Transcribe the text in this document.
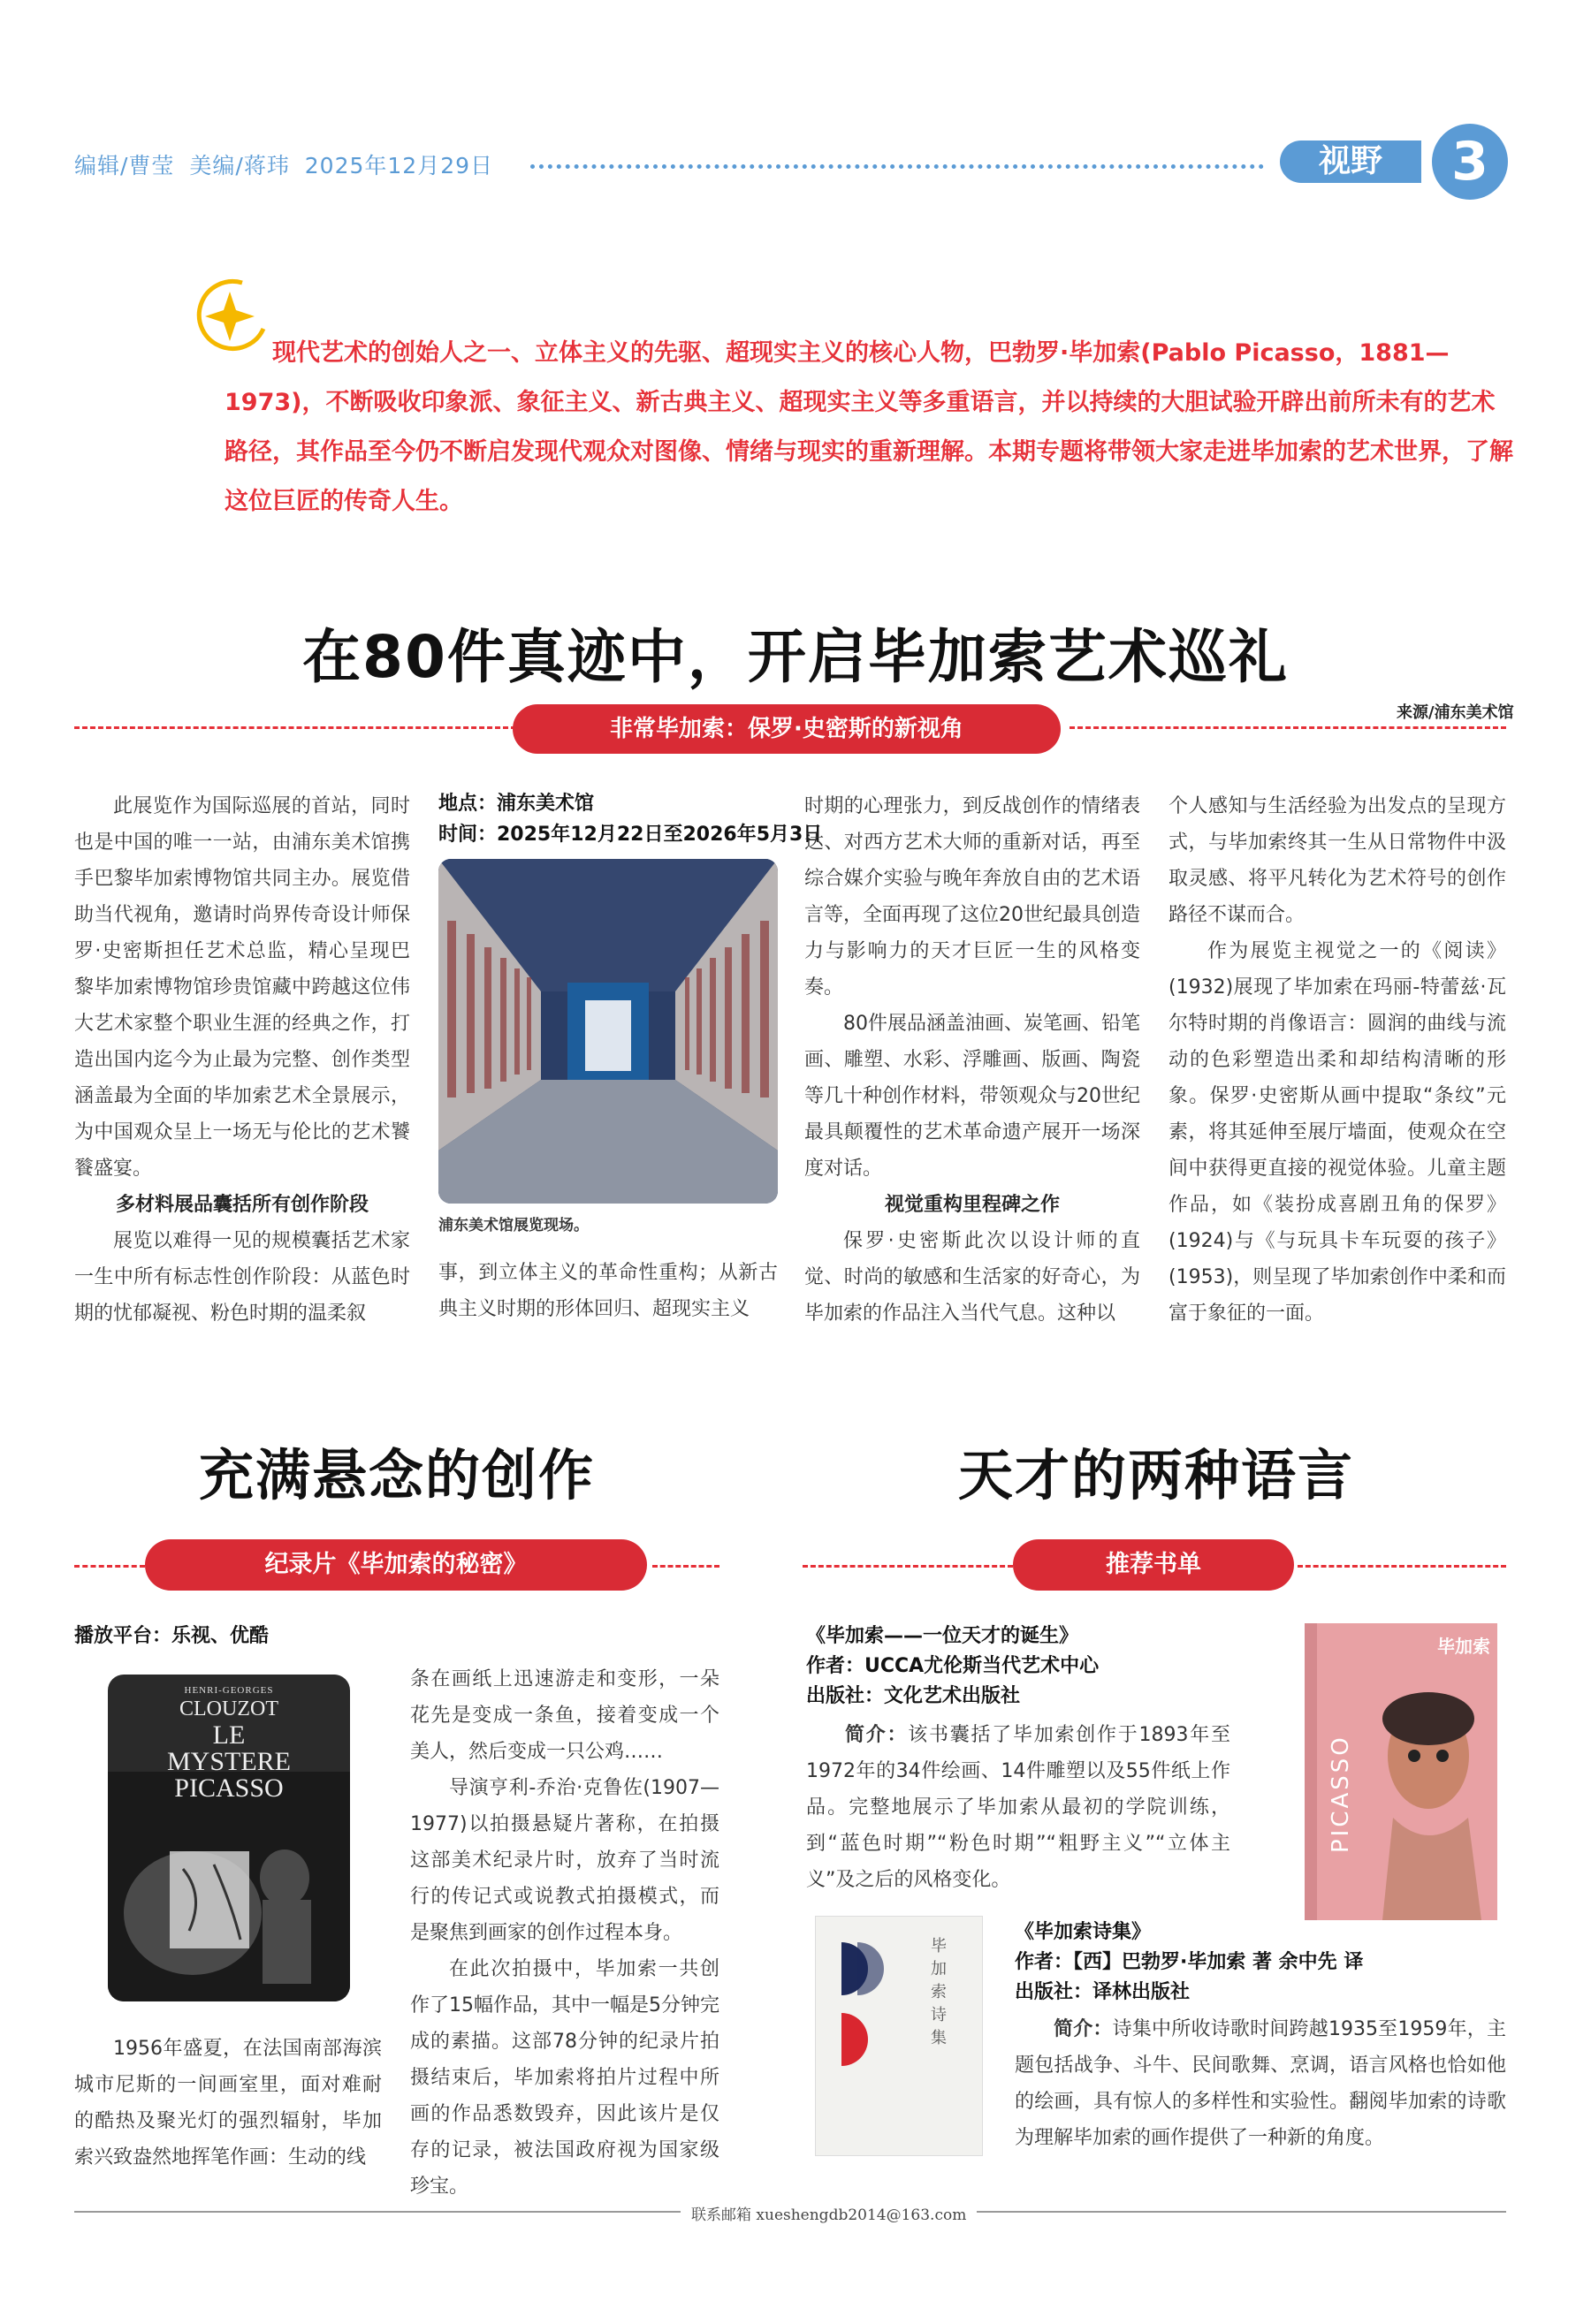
编辑/曹莹 美编/蒋玮 2025年12月29日	视野	3

现代艺术的创始人之一、立体主义的先驱、超现实主义的核心人物，巴勃罗·毕加索(Pablo Picasso，1881—1973)，不断吸收印象派、象征主义、新古典主义、超现实主义等多重语言，并以持续的大胆试验开辟出前所未有的艺术路径，其作品至今仍不断启发现代观众对图像、情绪与现实的重新理解。本期专题将带领大家走进毕加索的艺术世界，了解这位巨匠的传奇人生。

在80件真迹中，开启毕加索艺术巡礼
非常毕加索：保罗·史密斯的新视角
来源/浦东美术馆

此展览作为国际巡展的首站，同时也是中国的唯一一站，由浦东美术馆携手巴黎毕加索博物馆共同主办。展览借助当代视角，邀请时尚界传奇设计师保罗·史密斯担任艺术总监，精心呈现巴黎毕加索博物馆珍贵馆藏中跨越这位伟大艺术家整个职业生涯的经典之作，打造出国内迄今为止最为完整、创作类型涵盖最为全面的毕加索艺术全景展示，为中国观众呈上一场无与伦比的艺术饕餮盛宴。

多材料展品囊括所有创作阶段

展览以难得一见的规模囊括艺术家一生中所有标志性创作阶段：从蓝色时期的忧郁凝视、粉色时期的温柔叙

地点：浦东美术馆
时间：2025年12月22日至2026年5月3日
浦东美术馆展览现场。

事，到立体主义的革命性重构；从新古典主义时期的形体回归、超现实主义

时期的心理张力，到反战创作的情绪表达、对西方艺术大师的重新对话，再至综合媒介实验与晚年奔放自由的艺术语言等，全面再现了这位20世纪最具创造力与影响力的天才巨匠一生的风格变奏。

80件展品涵盖油画、炭笔画、铅笔画、雕塑、水彩、浮雕画、版画、陶瓷等几十种创作材料，带领观众与20世纪最具颠覆性的艺术革命遗产展开一场深度对话。

视觉重构里程碑之作

保罗·史密斯此次以设计师的直觉、时尚的敏感和生活家的好奇心，为毕加索的作品注入当代气息。这种以

个人感知与生活经验为出发点的呈现方式，与毕加索终其一生从日常物件中汲取灵感、将平凡转化为艺术符号的创作路径不谋而合。

作为展览主视觉之一的《阅读》(1932)展现了毕加索在玛丽-特蕾兹·瓦尔特时期的肖像语言：圆润的曲线与流动的色彩塑造出柔和却结构清晰的形象。保罗·史密斯从画中提取“条纹”元素，将其延伸至展厅墙面，使观众在空间中获得更直接的视觉体验。儿童主题作品，如《装扮成喜剧丑角的保罗》(1924)与《与玩具卡车玩耍的孩子》(1953)，则呈现了毕加索创作中柔和而富于象征的一面。

充满悬念的创作
纪录片《毕加索的秘密》
播放平台：乐视、优酷
HENRI-GEORGES
CLOUZOT
LE
MYSTERE
PICASSO

1956年盛夏，在法国南部海滨城市尼斯的一间画室里，面对难耐的酷热及聚光灯的强烈辐射，毕加索兴致盎然地挥笔作画：生动的线

条在画纸上迅速游走和变形，一朵花先是变成一条鱼，接着变成一个美人，然后变成一只公鸡……

导演亨利-乔治·克鲁佐(1907—1977)以拍摄悬疑片著称，在拍摄这部美术纪录片时，放弃了当时流行的传记式或说教式拍摄模式，而是聚焦到画家的创作过程本身。

在此次拍摄中，毕加索一共创作了15幅作品，其中一幅是5分钟完成的素描。这部78分钟的纪录片拍摄结束后，毕加索将拍片过程中所画的作品悉数毁弃，因此该片是仅存的记录，被法国政府视为国家级珍宝。

天才的两种语言
推荐书单
《毕加索——一位天才的诞生》
作者：UCCA尤伦斯当代艺术中心
出版社：文化艺术出版社

简介：该书囊括了毕加索创作于1893年至1972年的34件绘画、14件雕塑以及55件纸上作品。完整地展示了毕加索从最初的学院训练，到“蓝色时期”“粉色时期”“粗野主义”“立体主义”及之后的风格变化。

毕加索
PICASSO
毕加索诗集
《毕加索诗集》
作者：【西】巴勃罗·毕加索 著 余中先 译
出版社：译林出版社

简介：诗集中所收诗歌时间跨越1935至1959年，主题包括战争、斗牛、民间歌舞、烹调，语言风格也恰如他的绘画，具有惊人的多样性和实验性。翻阅毕加索的诗歌为理解毕加索的画作提供了一种新的角度。

联系邮箱 xueshengdb2014@163.com
